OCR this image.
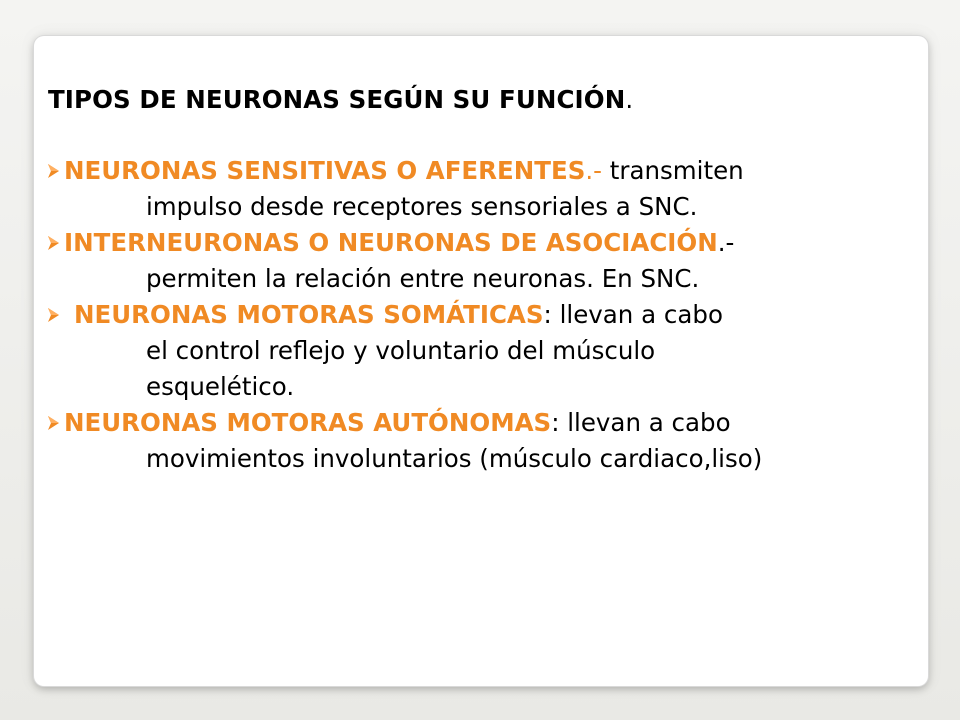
TIPOS DE NEURONAS SEGÚN SU FUNCIÓN.

NEURONAS SENSITIVAS O AFERENTES.- transmiten
impulso desde receptores sensoriales a SNC.
INTERNEURONAS O NEURONAS DE ASOCIACIÓN.-
permiten la relación entre neuronas. En SNC.
NEURONAS MOTORAS SOMÁTICAS: llevan a cabo
el control reflejo y voluntario del músculo
esquelético.
NEURONAS MOTORAS AUTÓNOMAS: llevan a cabo
movimientos involuntarios (músculo cardiaco,liso)
